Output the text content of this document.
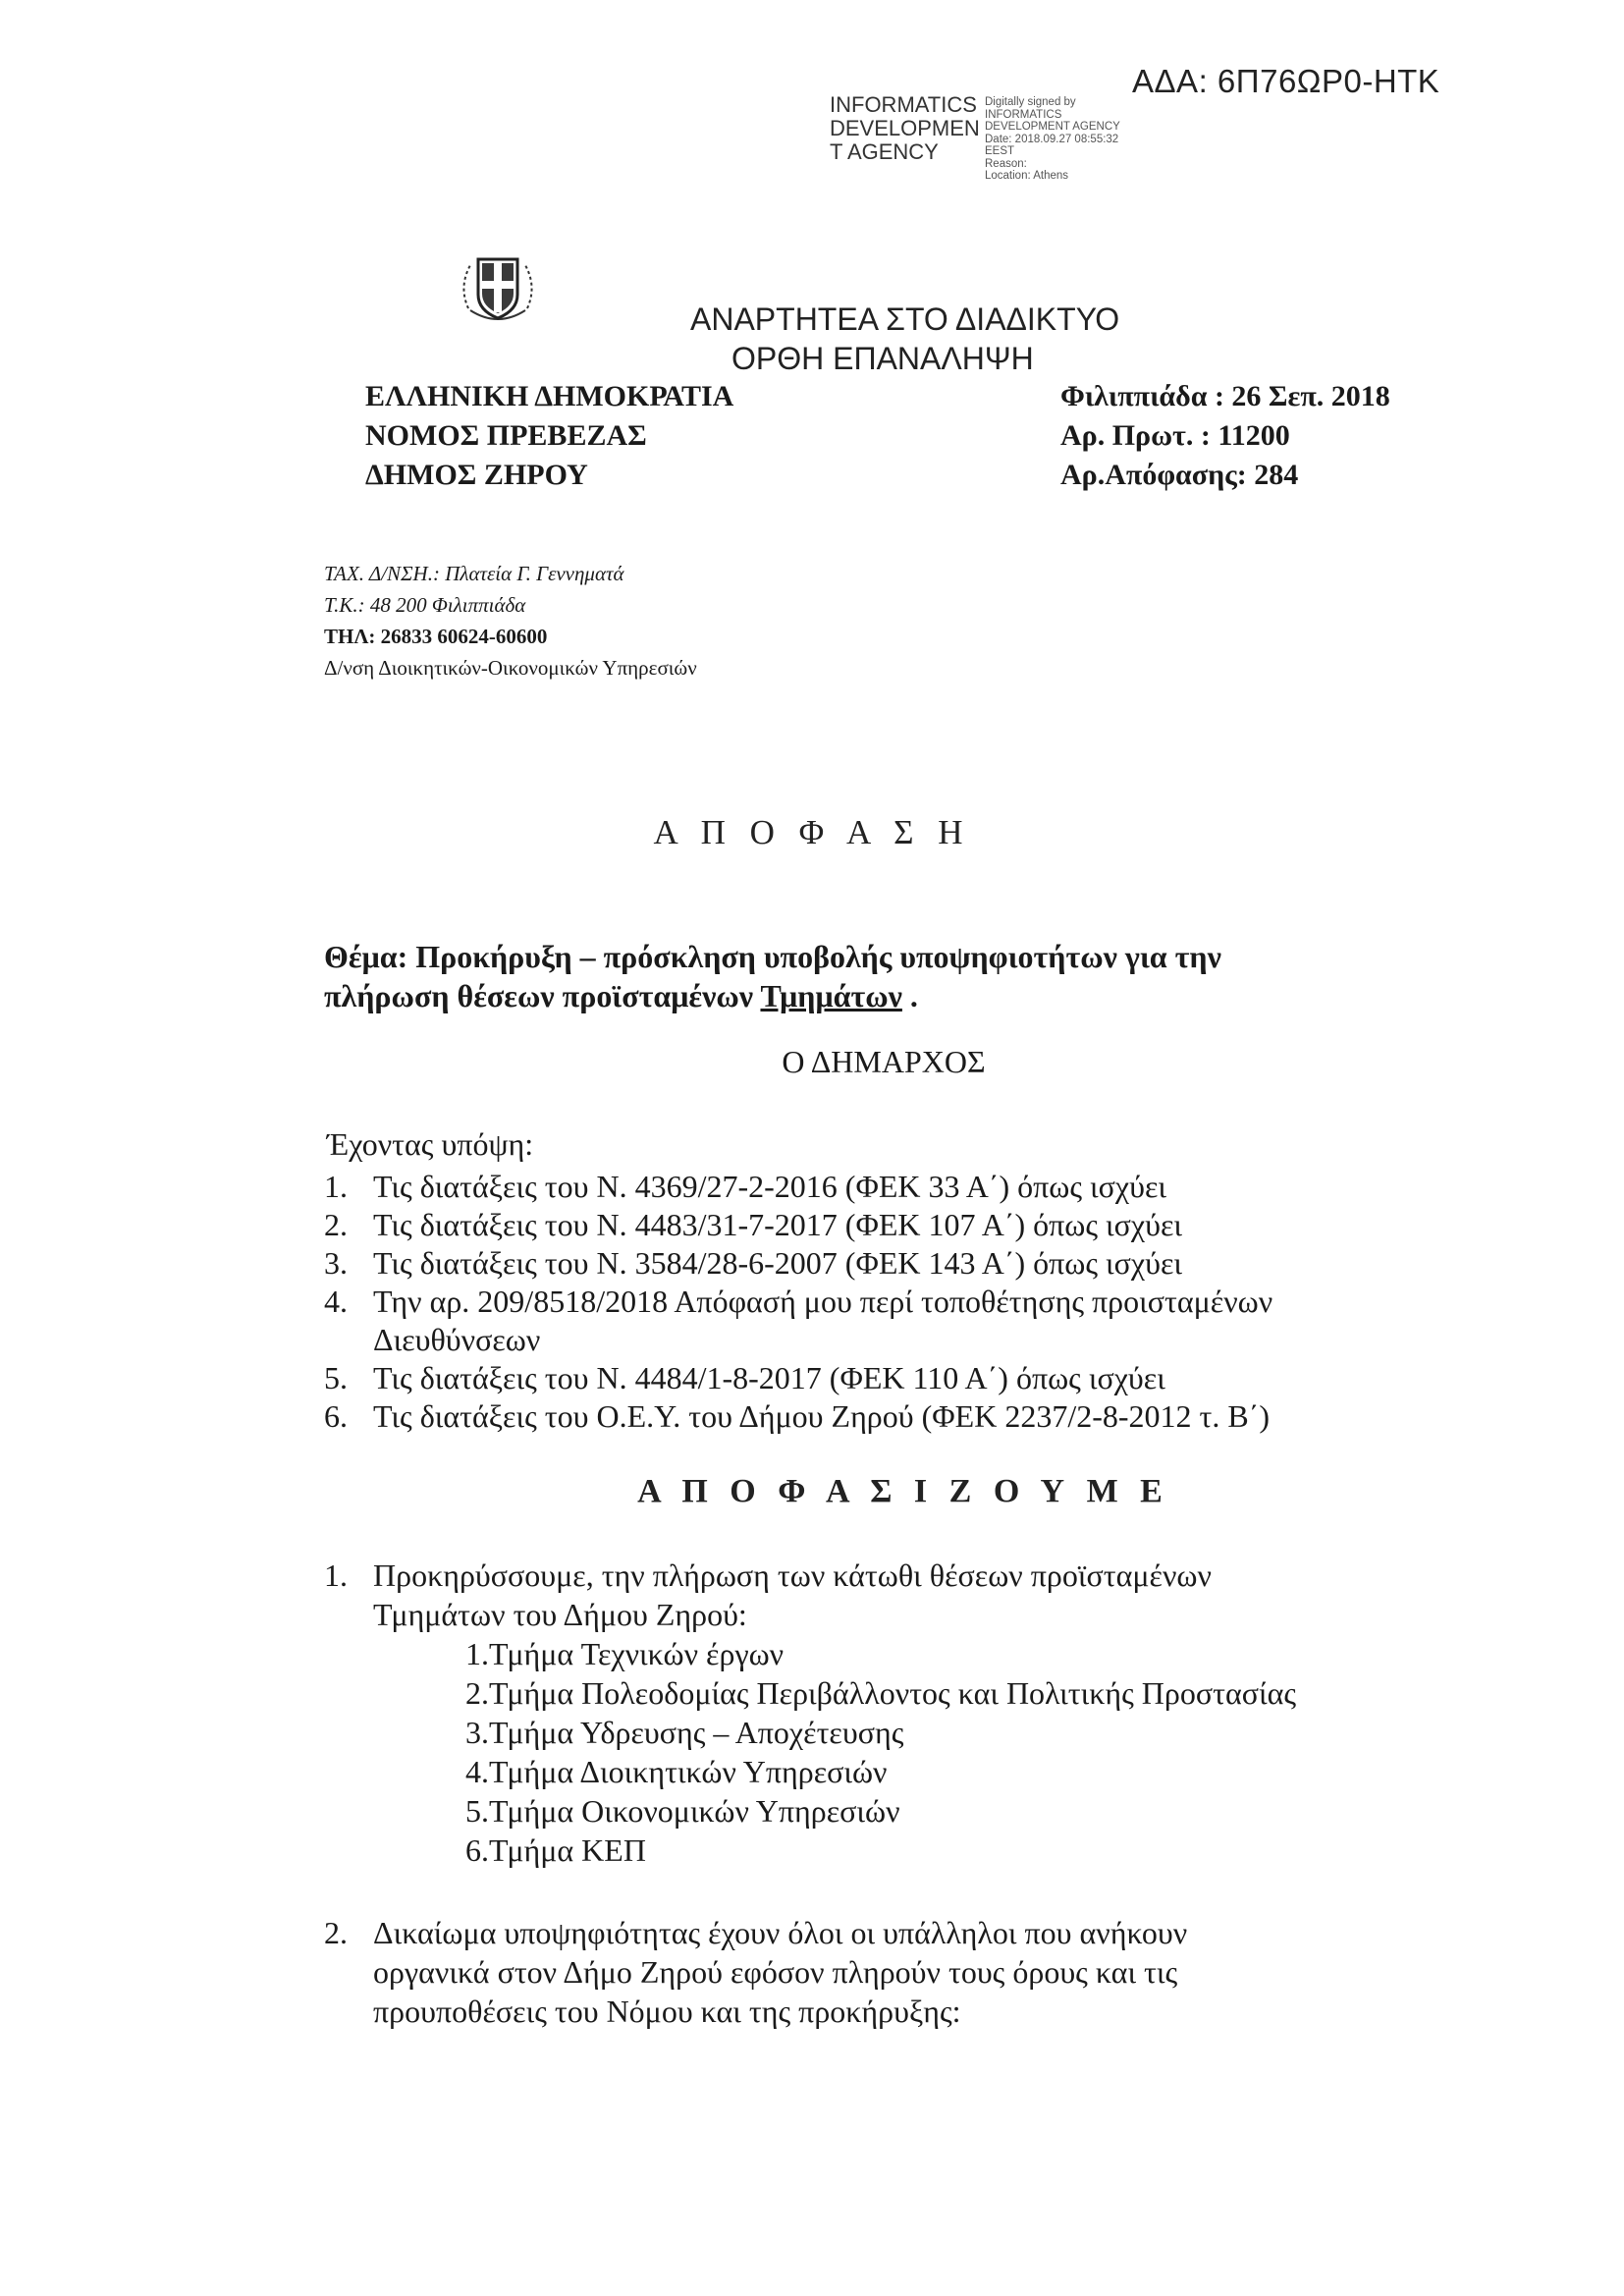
INFORMATICS
DEVELOPMEN
T AGENCY
Digitally signed by
INFORMATICS
DEVELOPMENT AGENCY
Date: 2018.09.27 08:55:32
EEST
Reason:
Location: Athens
ΑΔΑ: 6Π76ΩΡ0-ΗΤΚ
ΑΝΑΡΤΗΤΕΑ ΣΤΟ ΔΙΑΔΙΚΤΥΟ
ΟΡΘΗ ΕΠΑΝΑΛΗΨΗ
ΕΛΛΗΝΙΚΗ ΔΗΜΟΚΡΑΤΙΑ
ΝΟΜΟΣ ΠΡΕΒΕΖΑΣ
ΔΗΜΟΣ ΖΗΡΟΥ
Φιλιππιάδα : 26 Σεπ. 2018
Αρ. Πρωτ. : 11200
Αρ.Απόφασης: 284
ΤΑΧ. Δ/ΝΣΗ.: Πλατεία Γ. Γεννηματά
Τ.Κ.: 48 200 Φιλιππιάδα
ΤΗΛ: 26833 60624-60600
Δ/νση Διοικητικών-Οικονομικών Υπηρεσιών
Α Π Ο Φ Α Σ Η
Θέμα: Προκήρυξη – πρόσκληση υποβολής υποψηφιοτήτων για την
πλήρωση θέσεων προϊσταμένων Τμημάτων .
Ο ΔΗΜΑΡΧΟΣ
Έχοντας υπόψη:
1. Τις διατάξεις του Ν. 4369/27-2-2016 (ΦΕΚ 33 Α΄) όπως ισχύει
2. Τις διατάξεις του Ν. 4483/31-7-2017 (ΦΕΚ 107 Α΄) όπως ισχύει
3. Τις διατάξεις του Ν. 3584/28-6-2007 (ΦΕΚ 143 Α΄) όπως ισχύει
4. Την αρ. 209/8518/2018 Απόφασή μου περί τοποθέτησης προισταμένων
Διευθύνσεων
5. Τις διατάξεις του Ν. 4484/1-8-2017 (ΦΕΚ 110 Α΄) όπως ισχύει
6. Τις διατάξεις του Ο.Ε.Υ. του Δήμου Ζηρού (ΦΕΚ 2237/2-8-2012 τ. Β΄)
Α Π Ο Φ Α Σ Ι Ζ Ο Υ Μ Ε
1. Προκηρύσσουμε, την πλήρωση των κάτωθι θέσεων προϊσταμένων
Τμημάτων του Δήμου Ζηρού:
1.Τμήμα Τεχνικών έργων
2.Τμήμα Πολεοδομίας Περιβάλλοντος και Πολιτικής Προστασίας
3.Τμήμα Υδρευσης – Αποχέτευσης
4.Τμήμα Διοικητικών Υπηρεσιών
5.Τμήμα Οικονομικών Υπηρεσιών
6.Τμήμα ΚΕΠ
2. Δικαίωμα υποψηφιότητας έχουν όλοι οι υπάλληλοι που ανήκουν
οργανικά στον Δήμο Ζηρού εφόσον πληρούν τους όρους και τις
προυποθέσεις του Νόμου και της προκήρυξης:
